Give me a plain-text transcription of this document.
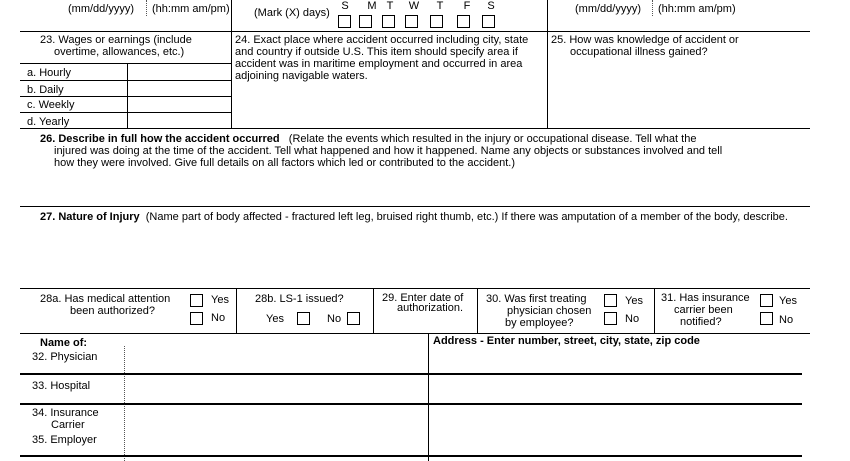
(mm/dd/yyyy) (hh:mm am/pm) (Mark (X) days)
S	M T	W	T	F	S	(mm/dd/yyyy) (hh:mm am/pm)
23. Wages or earnings (include
overtime, allowances, etc.)
a. Hourly
b. Daily
c. Weekly
d. Yearly
24. Exact place where accident occurred including city, state
and country if outside U.S. This item should specify area if
accident was in maritime employment and occurred in area
adjoining navigable waters.
25. How was knowledge of accident or
occupational illness gained?
26. Describe in full how the accident occurred (Relate the events which resulted in the injury or occupational disease. Tell what the
injured was doing at the time of the accident. Tell what happened and how it happened. Name any objects or substances involved and tell
how they were involved. Give full details on all factors which led or contributed to the accident.)
27. Nature of Injury (Name part of body affected - fractured left leg, bruised right thumb, etc.) If there was amputation of a member of the body, describe.
28a. Has medical attention
been authorized?
Yes
No
28b. LS-1 issued?
Yes	No
29. Enter date of
authorization.
30. Was first treating
physician chosen
by employee?
Yes
No
31. Has insurance
carrier been
notified?
Yes
No
Name of:	Address - Enter number, street, city, state, zip code
32. Physician
33. Hospital
34. Insurance
Carrier
35. Employer
